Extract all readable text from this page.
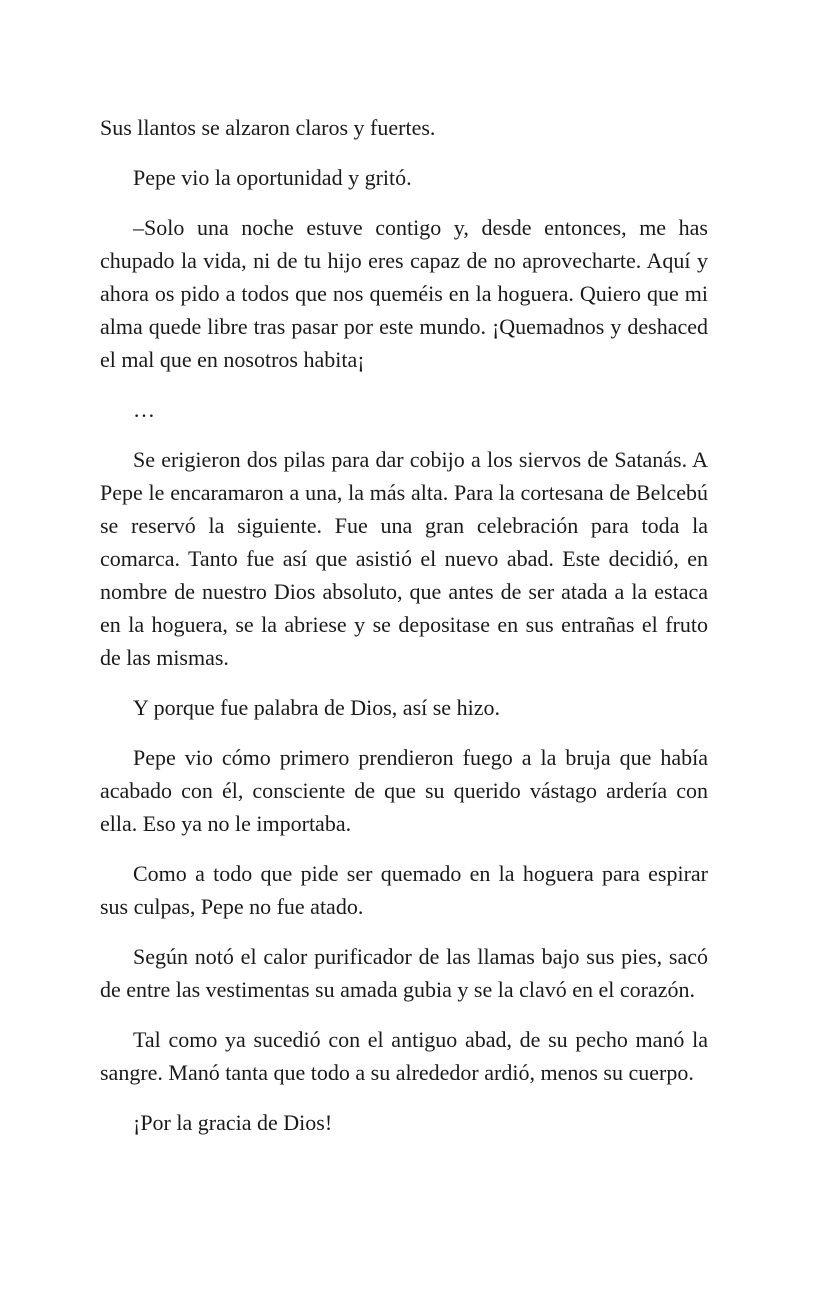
Sus llantos se alzaron claros y fuertes.

Pepe vio la oportunidad y gritó.

–Solo una noche estuve contigo y, desde entonces, me has chupado la vida, ni de tu hijo eres capaz de no aprovecharte. Aquí y ahora os pido a todos que nos queméis en la hoguera. Quiero que mi alma quede libre tras pasar por este mundo. ¡Quemadnos y deshaced el mal que en nosotros habita¡

…

Se erigieron dos pilas para dar cobijo a los siervos de Satanás. A Pepe le encaramaron a una, la más alta. Para la cortesana de Belcebú se reservó la siguiente. Fue una gran celebración para toda la comarca. Tanto fue así que asistió el nuevo abad. Este decidió, en nombre de nuestro Dios absoluto, que antes de ser atada a la estaca en la hoguera, se la abriese y se depositase en sus entrañas el fruto de las mismas.

Y porque fue palabra de Dios, así se hizo.

Pepe vio cómo primero prendieron fuego a la bruja que había acabado con él, consciente de que su querido vástago ardería con ella. Eso ya no le importaba.

Como a todo que pide ser quemado en la hoguera para espirar sus culpas, Pepe no fue atado.

Según notó el calor purificador de las llamas bajo sus pies, sacó de entre las vestimentas su amada gubia y se la clavó en el corazón.

Tal como ya sucedió con el antiguo abad, de su pecho manó la sangre. Manó tanta que todo a su alrededor ardió, menos su cuerpo.

¡Por la gracia de Dios!
